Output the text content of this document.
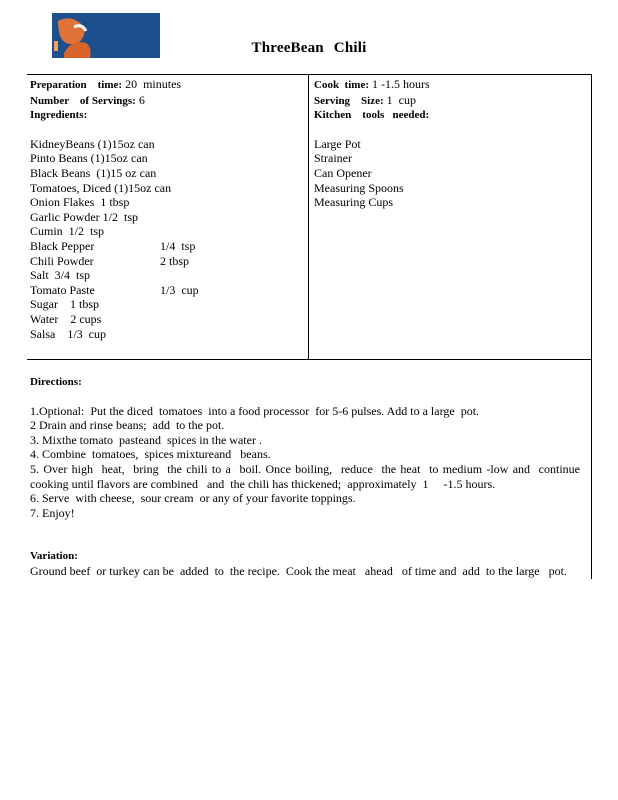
ThreeBean Chili
Preparation    time: 20  minutes
Number    of Servings: 6
Ingredients:
KidneyBeans (1)15oz can
Pinto Beans (1)15oz can
Black Beans  (1)15 oz can
Tomatoes, Diced (1)15oz can
Onion Flakes  1 tbsp
Garlic Powder 1/2  tsp
Cumin  1/2  tsp
Black Pepper	1/4  tsp
Chili Powder	2 tbsp
Salt  3/4  tsp
Tomato Paste	1/3  cup
Sugar    1 tbsp
Water    2 cups
Salsa    1/3  cup
Cook  time: 1 -1.5 hours
Serving    Size: 1  cup
Kitchen    tools   needed:
Large Pot
Strainer
Can Opener
Measuring Spoons
Measuring Cups
Directions:
1.Optional:  Put the diced  tomatoes  into a food processor  for 5-6 pulses. Add to a large  pot.
2 Drain and rinse beans;  add  to the pot.
3. Mixthe tomato  pasteand  spices in the water .
4. Combine  tomatoes,  spices mixtureand   beans.
5. Over high  heat,  bring  the chili to a  boil. Once boiling,  reduce  the heat  to medium -low and  continue  cooking until flavors are combined   and  the chili has thickened;  approximately  1     -1.5 hours.
6. Serve  with cheese,  sour cream  or any of your favorite toppings.
7. Enjoy!
Variation:
Ground beef  or turkey can be  added  to  the recipe.  Cook the meat   ahead   of time and  add  to the large   pot.
